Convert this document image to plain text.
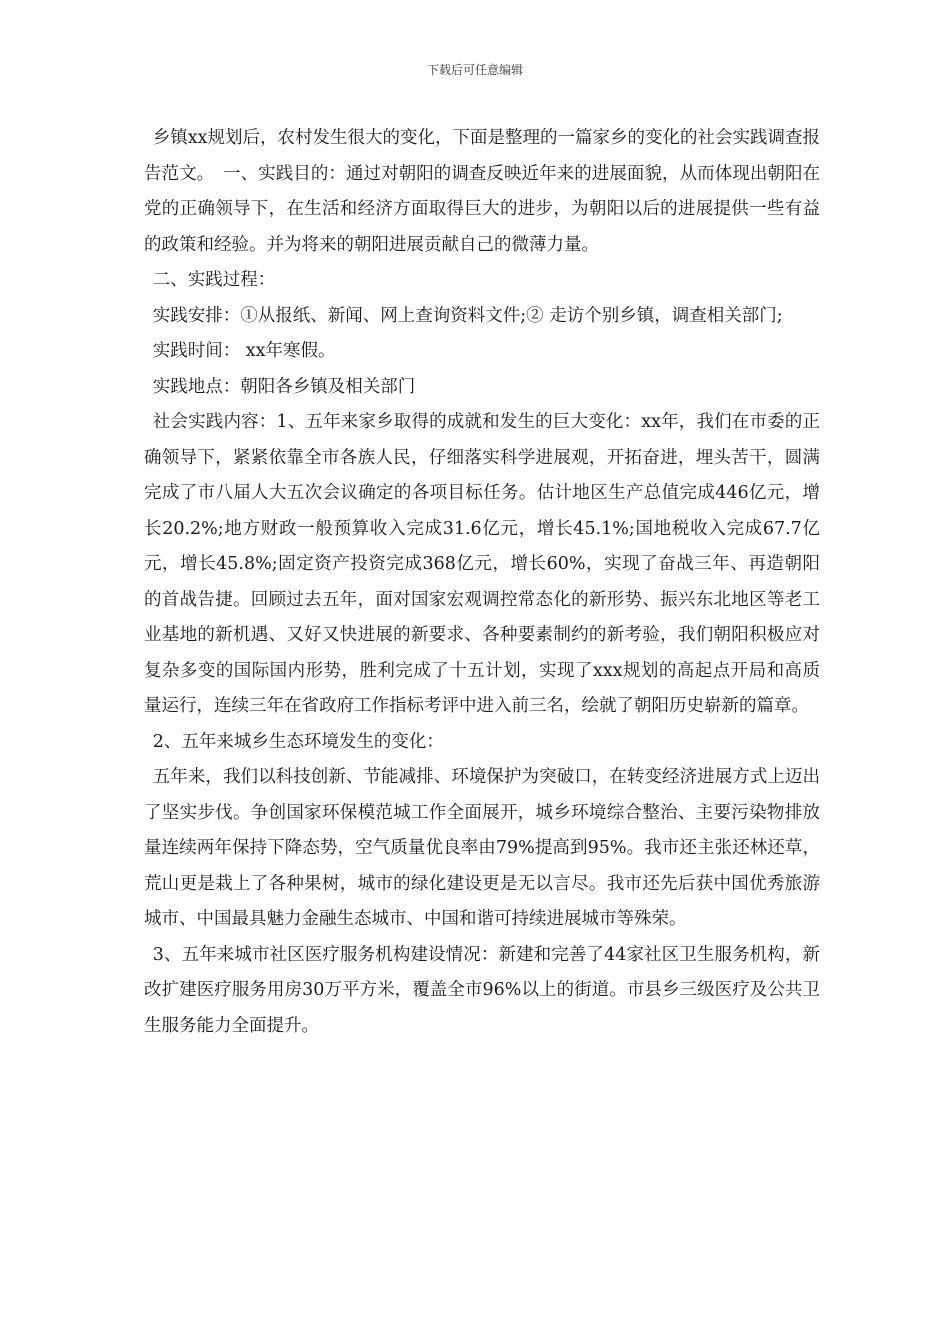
下载后可任意编辑

乡镇xx规划后，农村发生很大的变化，下面是整理的一篇家乡的变化的社会实践调查报告范文。　一、实践目的：通过对朝阳的调查反映近年来的进展面貌，从而体现出朝阳在党的正确领导下，在生活和经济方面取得巨大的进步，为朝阳以后的进展提供一些有益的政策和经验。并为将来的朝阳进展贡献自己的微薄力量。

二、实践过程：

实践安排：①从报纸、新闻、网上查询资料文件;② 走访个别乡镇，调查相关部门;

实践时间： xx年寒假。

实践地点：朝阳各乡镇及相关部门

社会实践内容：1、五年来家乡取得的成就和发生的巨大变化：xx年，我们在市委的正确领导下，紧紧依靠全市各族人民，仔细落实科学进展观，开拓奋进，埋头苦干，圆满完成了市八届人大五次会议确定的各项目标任务。估计地区生产总值完成446亿元，增长20.2%;地方财政一般预算收入完成31.6亿元，增长45.1%;国地税收入完成67.7亿元，增长45.8%;固定资产投资完成368亿元，增长60%，实现了奋战三年、再造朝阳的首战告捷。回顾过去五年，面对国家宏观调控常态化的新形势、振兴东北地区等老工业基地的新机遇、又好又快进展的新要求、各种要素制约的新考验，我们朝阳积极应对复杂多变的国际国内形势，胜利完成了十五计划，实现了xxx规划的高起点开局和高质量运行，连续三年在省政府工作指标考评中进入前三名，绘就了朝阳历史崭新的篇章。

2、五年来城乡生态环境发生的变化：

五年来，我们以科技创新、节能减排、环境保护为突破口，在转变经济进展方式上迈出了坚实步伐。争创国家环保模范城工作全面展开，城乡环境综合整治、主要污染物排放量连续两年保持下降态势，空气质量优良率由79%提高到95%。我市还主张还林还草，荒山更是栽上了各种果树，城市的绿化建设更是无以言尽。我市还先后获中国优秀旅游城市、中国最具魅力金融生态城市、中国和谐可持续进展城市等殊荣。

3、五年来城市社区医疗服务机构建设情况：新建和完善了44家社区卫生服务机构，新改扩建医疗服务用房30万平方米，覆盖全市96%以上的街道。市县乡三级医疗及公共卫生服务能力全面提升。
